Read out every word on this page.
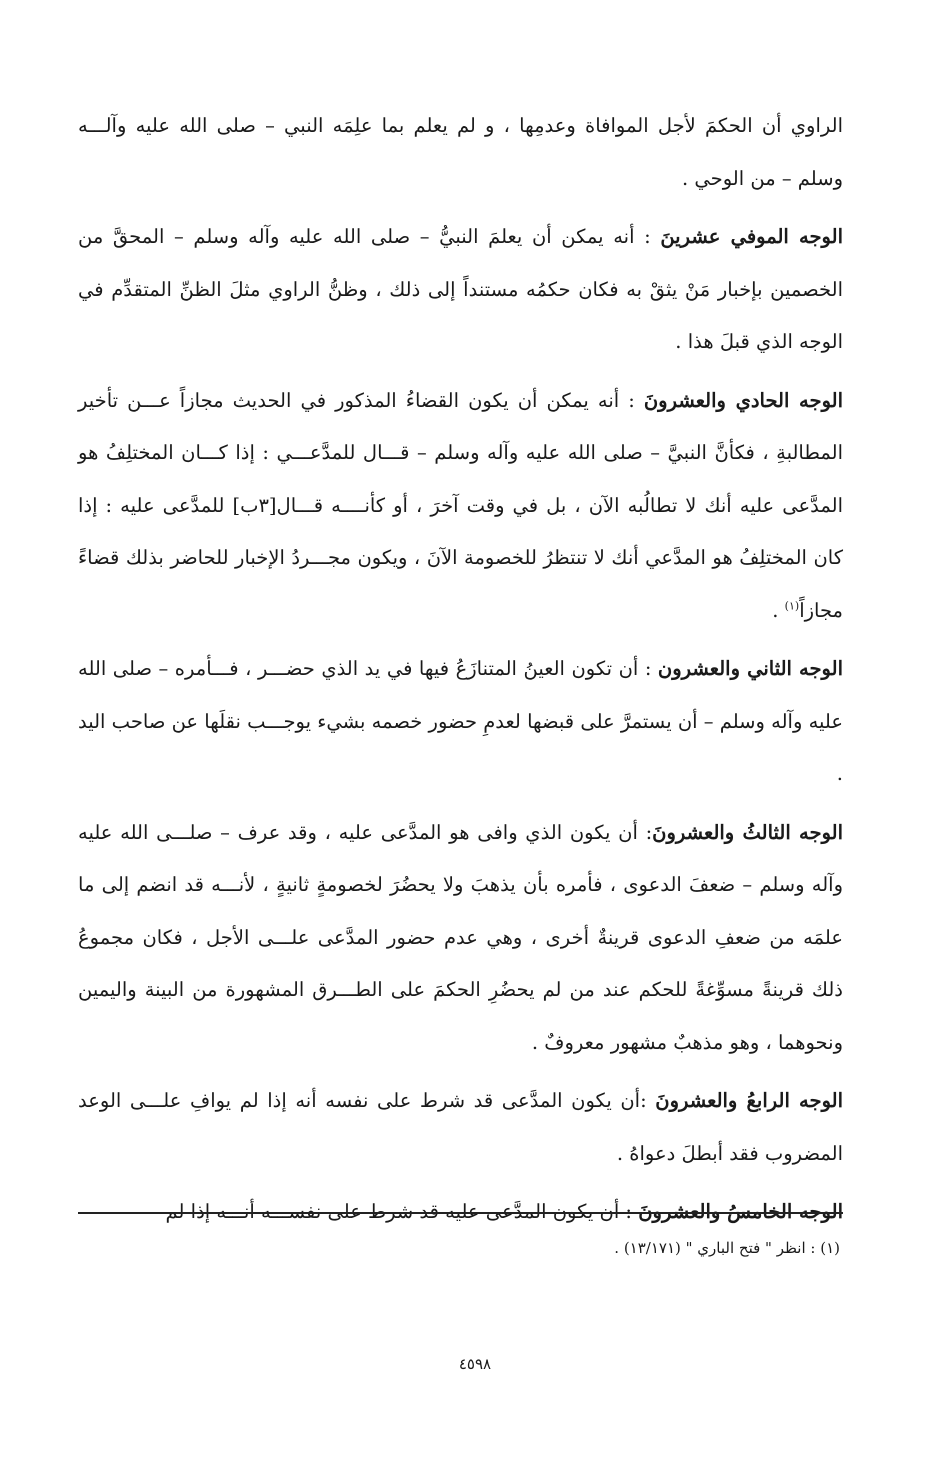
الراوي أن الحكمَ لأجل الموافاة وعدمِها ، و لم يعلم بما علِمَه النبي – صلى الله عليه وآلـــه وسلم – من الوحي .

الوجه الموفي عشرينَ : أنه يمكن أن يعلمَ النبيُّ – صلى الله عليه وآله وسلم – المحقَّ من الخصمين بإخبار مَنْ يثقْ به فكان حكمُه مستنداً إلى ذلك ، وظنُّ الراوي مثلَ الظنِّ المتقدِّم في الوجه الذي قبلَ هذا .

الوجه الحادي والعشرونَ : أنه يمكن أن يكون القضاءُ المذكور في الحديث مجازاً عـــن تأخير المطالبةِ ، فكأنَّ النبيَّ – صلى الله عليه وآله وسلم – قـــال للمدَّعـــي : إذا كـــان المختلِفُ هو المدَّعى عليه أنك لا تطالُبه الآن ، بل في وقت آخرَ ، أو كأنــــه قـــال[٣ب] للمدَّعى عليه : إذا كان المختلِفُ هو المدَّعي أنك لا تنتظرُ للخصومة الآنَ ، ويكون مجـــردُ الإخبار للحاضر بذلك قضاءً مجازاً$^{(١)}$ .

الوجه الثاني والعشرون : أن تكون العينُ المتنازَعُ فيها في يد الذي حضـــر ، فـــأمره – صلى الله عليه وآله وسلم – أن يستمرَّ على قبضها لعدمِ حضور خصمه بشيء يوجـــب نقلَها عن صاحب اليد .

الوجه الثالثُ والعشرونَ: أن يكون الذي وافى هو المدَّعى عليه ، وقد عرف – صلـــى الله عليه وآله وسلم – ضعفَ الدعوى ، فأمره بأن يذهبَ ولا يحضُرَ لخصومةٍ ثانيةٍ ، لأنـــه قد انضم إلى ما علمَه من ضعفِ الدعوى قرينةٌ أخرى ، وهي عدم حضور المدَّعى علـــى الأجل ، فكان مجموعُ ذلك قرينةً مسوِّغةً للحكم عند من لم يحضُرِ الحكمَ على الطـــرق المشهورة من البينة واليمين ونحوهما ، وهو مذهبٌ مشهور معروفٌ .

الوجه الرابعُ والعشرونَ :أن يكون المدَّعى قد شرط على نفسه أنه إذا لم يوافِ علـــى الوعد المضروب فقد أبطلَ دعواهُ .

الوجه الخامسُ والعشرونَ : أن يكون المدَّعى عليه قد شرط على نفســـه أنـــه إذا لم

(١) : انظر " فتح الباري " (١٣/١٧١) .
٤٥٩٨
